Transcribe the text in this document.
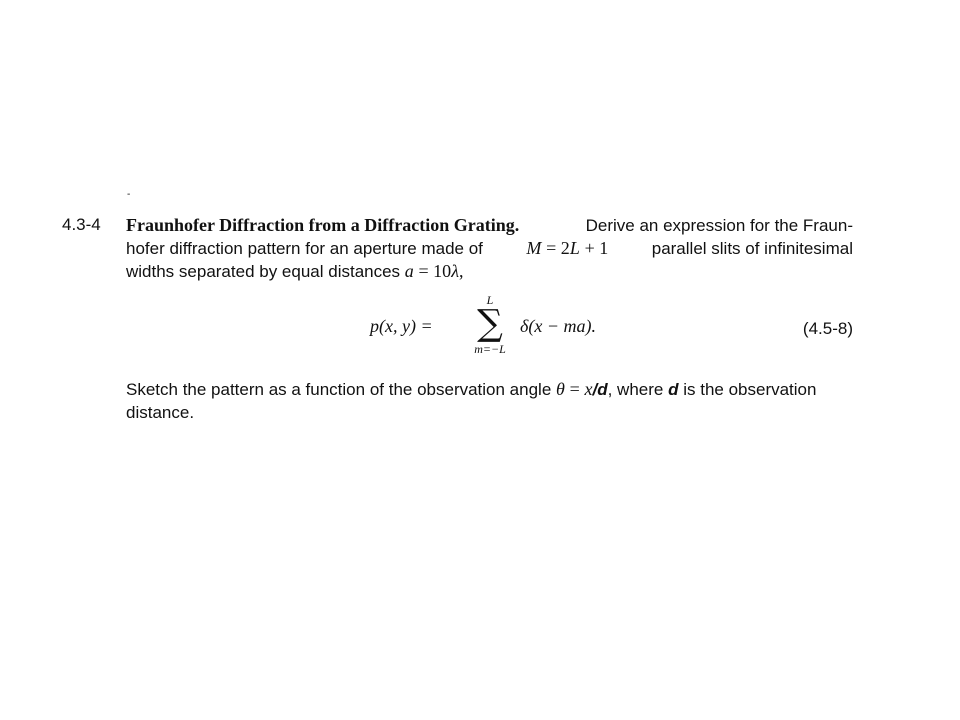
-
4.3-4 Fraunhofer Diffraction from a Diffraction Grating.	Derive an expression for the Fraun-
hofer diffraction pattern for an aperture made of M = 2L + 1	parallel slits of infinitesimal
widths separated by equal distances a = 10λ,
p(x, y) =
L
∑
m=−L
δ(x − ma).	(4.5-8)
Sketch the pattern as a function of the observation angle θ = x/d, where d is the observation
distance.
